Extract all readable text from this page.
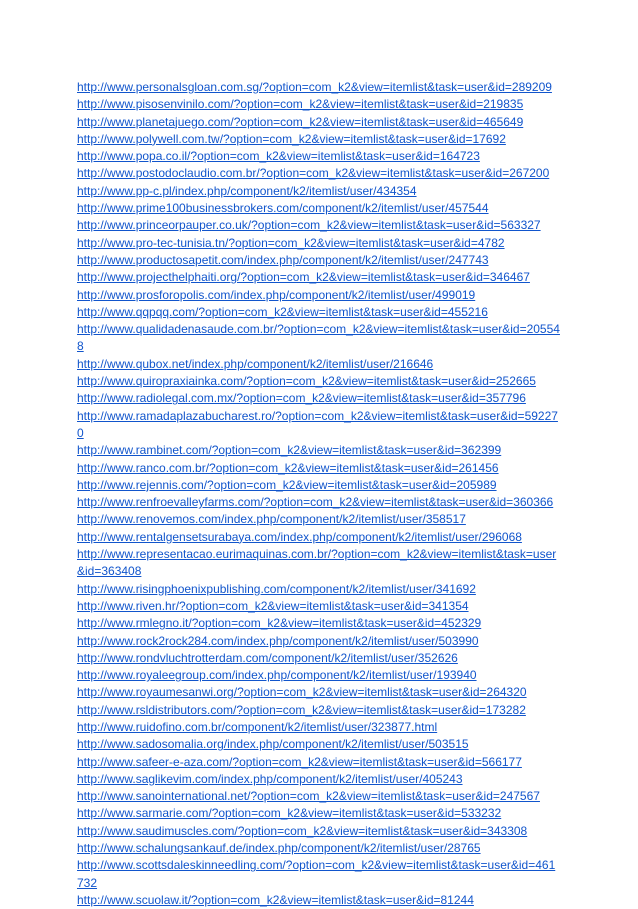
http://www.personalsgloan.com.sg/?option=com_k2&view=itemlist&task=user&id=289209
http://www.pisosenvinilo.com/?option=com_k2&view=itemlist&task=user&id=219835
http://www.planetajuego.com/?option=com_k2&view=itemlist&task=user&id=465649
http://www.polywell.com.tw/?option=com_k2&view=itemlist&task=user&id=17692
http://www.popa.co.il/?option=com_k2&view=itemlist&task=user&id=164723
http://www.postodoclaudio.com.br/?option=com_k2&view=itemlist&task=user&id=267200
http://www.pp-c.pl/index.php/component/k2/itemlist/user/434354
http://www.prime100businessbrokers.com/component/k2/itemlist/user/457544
http://www.princeorpauper.co.uk/?option=com_k2&view=itemlist&task=user&id=563327
http://www.pro-tec-tunisia.tn/?option=com_k2&view=itemlist&task=user&id=4782
http://www.productosapetit.com/index.php/component/k2/itemlist/user/247743
http://www.projecthelphaiti.org/?option=com_k2&view=itemlist&task=user&id=346467
http://www.prosforopolis.com/index.php/component/k2/itemlist/user/499019
http://www.qqpqq.com/?option=com_k2&view=itemlist&task=user&id=455216
http://www.qualidadenasaude.com.br/?option=com_k2&view=itemlist&task=user&id=205548
http://www.qubox.net/index.php/component/k2/itemlist/user/216646
http://www.quiropraxiainka.com/?option=com_k2&view=itemlist&task=user&id=252665
http://www.radiolegal.com.mx/?option=com_k2&view=itemlist&task=user&id=357796
http://www.ramadaplazabucharest.ro/?option=com_k2&view=itemlist&task=user&id=592270
http://www.rambinet.com/?option=com_k2&view=itemlist&task=user&id=362399
http://www.ranco.com.br/?option=com_k2&view=itemlist&task=user&id=261456
http://www.rejennis.com/?option=com_k2&view=itemlist&task=user&id=205989
http://www.renfroevalleyfarms.com/?option=com_k2&view=itemlist&task=user&id=360366
http://www.renovemos.com/index.php/component/k2/itemlist/user/358517
http://www.rentalgensetsurabaya.com/index.php/component/k2/itemlist/user/296068
http://www.representacao.eurimaquinas.com.br/?option=com_k2&view=itemlist&task=user&id=363408
http://www.risingphoenixpublishing.com/component/k2/itemlist/user/341692
http://www.riven.hr/?option=com_k2&view=itemlist&task=user&id=341354
http://www.rmlegno.it/?option=com_k2&view=itemlist&task=user&id=452329
http://www.rock2rock284.com/index.php/component/k2/itemlist/user/503990
http://www.rondvluchtrotterdam.com/component/k2/itemlist/user/352626
http://www.royaleegroup.com/index.php/component/k2/itemlist/user/193940
http://www.royaumesanwi.org/?option=com_k2&view=itemlist&task=user&id=264320
http://www.rsldistributors.com/?option=com_k2&view=itemlist&task=user&id=173282
http://www.ruidofino.com.br/component/k2/itemlist/user/323877.html
http://www.sadosomalia.org/index.php/component/k2/itemlist/user/503515
http://www.safeer-e-aza.com/?option=com_k2&view=itemlist&task=user&id=566177
http://www.saglikevim.com/index.php/component/k2/itemlist/user/405243
http://www.sanointernational.net/?option=com_k2&view=itemlist&task=user&id=247567
http://www.sarmarie.com/?option=com_k2&view=itemlist&task=user&id=533232
http://www.saudimuscles.com/?option=com_k2&view=itemlist&task=user&id=343308
http://www.schalungsankauf.de/index.php/component/k2/itemlist/user/28765
http://www.scottsdaleskinneedling.com/?option=com_k2&view=itemlist&task=user&id=461732
http://www.scuolaw.it/?option=com_k2&view=itemlist&task=user&id=81244
